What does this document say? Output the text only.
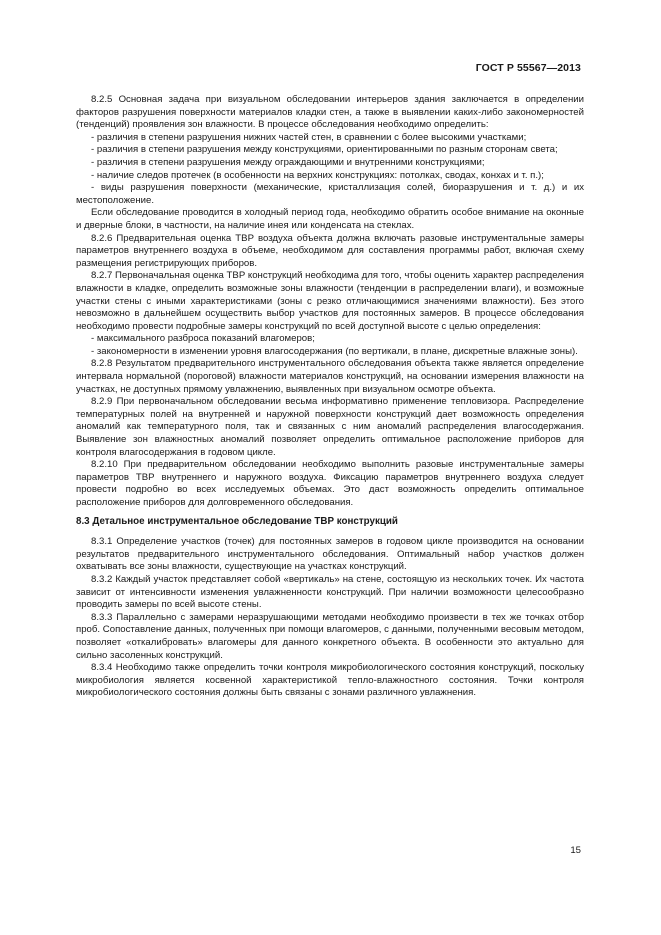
ГОСТ Р 55567—2013

8.2.5 Основная задача при визуальном обследовании интерьеров здания заключается в определении факторов разрушения поверхности материалов кладки стен, а также в выявлении каких-либо закономерностей (тенденций) проявления зон влажности. В процессе обследования необходимо определить:

- различия в степени разрушения нижних частей стен, в сравнении с более высокими участками;

- различия в степени разрушения между конструкциями, ориентированными по разным сторонам света;

- различия в степени разрушения между ограждающими и внутренними конструкциями;

- наличие следов протечек (в особенности на верхних конструкциях: потолках, сводах, конхах и т. п.);

- виды разрушения поверхности (механические, кристаллизация солей, биоразрушения и т. д.) и их местоположение.

Если обследование проводится в холодный период года, необходимо обратить особое внимание на оконные и дверные блоки, в частности, на наличие инея или конденсата на стеклах.

8.2.6 Предварительная оценка ТВР воздуха объекта должна включать разовые инструментальные замеры параметров внутреннего воздуха в объеме, необходимом для составления программы работ, включая схему размещения регистрирующих приборов.

8.2.7 Первоначальная оценка ТВР конструкций необходима для того, чтобы оценить характер распределения влажности в кладке, определить возможные зоны влажности (тенденции в распределении влаги), и возможные участки стены с иными характеристиками (зоны с резко отличающимися значениями влажности). Без этого невозможно в дальнейшем осуществить выбор участков для постоянных замеров. В процессе обследования необходимо провести подробные замеры конструкций по всей доступной высоте с целью определения:

- максимального разброса показаний влагомеров;

- закономерности в изменении уровня влагосодержания (по вертикали, в плане, дискретные влажные зоны).

8.2.8 Результатом предварительного инструментального обследования объекта также является определение интервала нормальной (пороговой) влажности материалов конструкций, на основании измерения влажности на участках, не доступных прямому увлажнению, выявленных при визуальном осмотре объекта.

8.2.9 При первоначальном обследовании весьма информативно применение тепловизора. Распределение температурных полей на внутренней и наружной поверхности конструкций дает возможность определения аномалий как температурного поля, так и связанных с ним аномалий распределения влагосодержания. Выявление зон влажностных аномалий позволяет определить оптимальное расположение приборов для контроля влагосодержания в годовом цикле.

8.2.10 При предварительном обследовании необходимо выполнить разовые инструментальные замеры параметров ТВР внутреннего и наружного воздуха. Фиксацию параметров внутреннего воздуха следует провести подробно во всех исследуемых объемах. Это даст возможность определить оптимальное расположение приборов для долговременного обследования.

8.3 Детальное инструментальное обследование ТВР конструкций

8.3.1 Определение участков (точек) для постоянных замеров в годовом цикле производится на основании результатов предварительного инструментального обследования. Оптимальный набор участков должен охватывать все зоны влажности, существующие на участках конструкций.

8.3.2 Каждый участок представляет собой «вертикаль» на стене, состоящую из нескольких точек. Их частота зависит от интенсивности изменения увлажненности конструкций. При наличии возможности целесообразно проводить замеры по всей высоте стены.

8.3.3 Параллельно с замерами неразрушающими методами необходимо произвести в тех же точках отбор проб. Сопоставление данных, полученных при помощи влагомеров, с данными, полученными весовым методом, позволяет «откалибровать» влагомеры для данного конкретного объекта. В особенности это актуально для сильно засоленных конструкций.

8.3.4 Необходимо также определить точки контроля микробиологического состояния конструкций, поскольку микробиология является косвенной характеристикой тепло-влажностного состояния. Точки контроля микробиологического состояния должны быть связаны с зонами различного увлажнения.

15
